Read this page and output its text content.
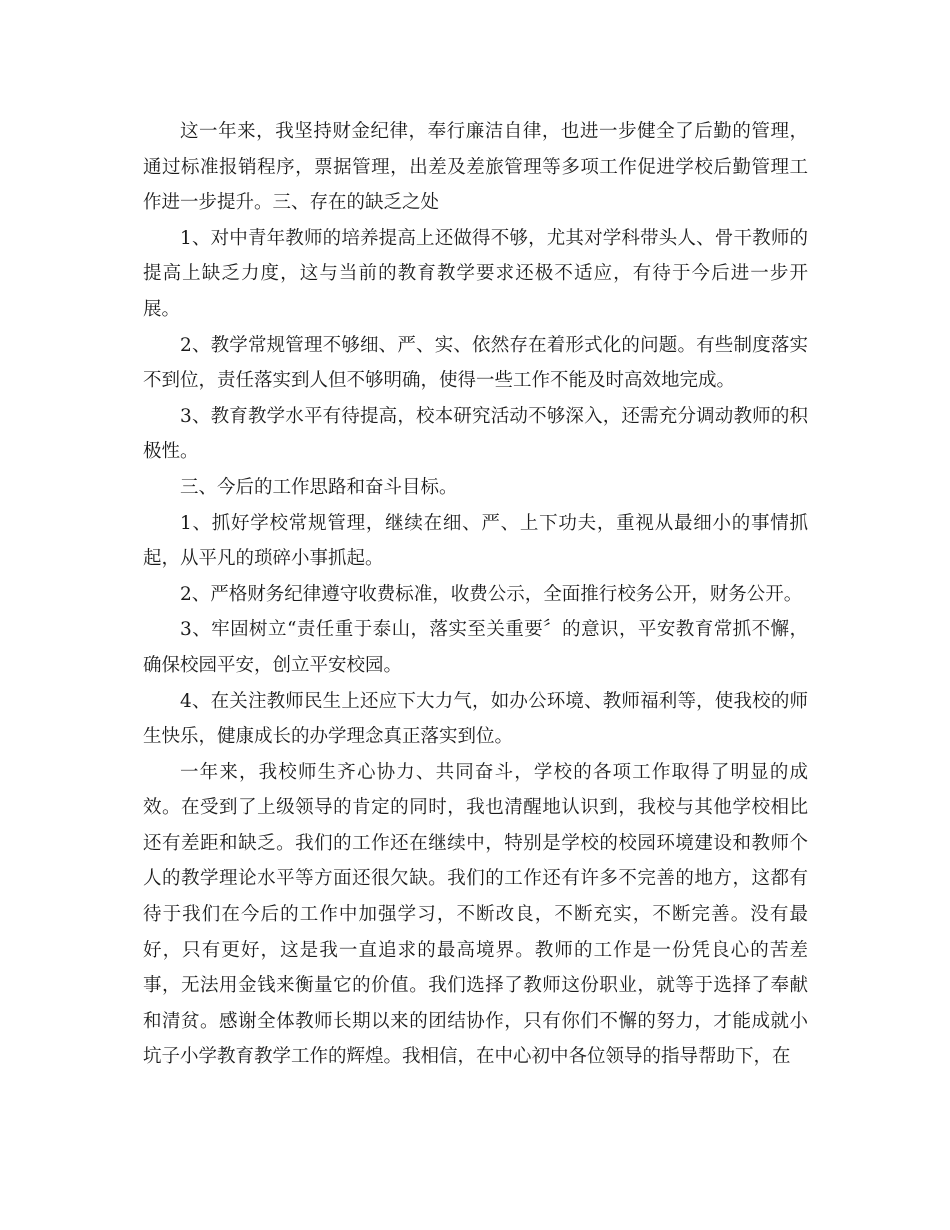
这一年来，我坚持财金纪律，奉行廉洁自律，也进一步健全了后勤的管理，通过标准报销程序，票据管理，出差及差旅管理等多项工作促进学校后勤管理工作进一步提升。三、存在的缺乏之处

1、对中青年教师的培养提高上还做得不够，尤其对学科带头人、骨干教师的提高上缺乏力度，这与当前的教育教学要求还极不适应，有待于今后进一步开展。

2、教学常规管理不够细、严、实、依然存在着形式化的问题。有些制度落实不到位，责任落实到人但不够明确，使得一些工作不能及时高效地完成。

3、教育教学水平有待提高，校本研究活动不够深入，还需充分调动教师的积极性。

三、今后的工作思路和奋斗目标。

1、抓好学校常规管理，继续在细、严、上下功夫，重视从最细小的事情抓起，从平凡的琐碎小事抓起。

2、严格财务纪律遵守收费标准，收费公示，全面推行校务公开，财务公开。

3、牢固树立“责任重于泰山，落实至关重要〞的意识，平安教育常抓不懈，确保校园平安，创立平安校园。

4、在关注教师民生上还应下大力气，如办公环境、教师福利等，使我校的师生快乐，健康成长的办学理念真正落实到位。

一年来，我校师生齐心协力、共同奋斗，学校的各项工作取得了明显的成效。在受到了上级领导的肯定的同时，我也清醒地认识到，我校与其他学校相比还有差距和缺乏。我们的工作还在继续中，特别是学校的校园环境建设和教师个人的教学理论水平等方面还很欠缺。我们的工作还有许多不完善的地方，这都有待于我们在今后的工作中加强学习，不断改良，不断充实，不断完善。没有最好，只有更好，这是我一直追求的最高境界。教师的工作是一份凭良心的苦差事，无法用金钱来衡量它的价值。我们选择了教师这份职业，就等于选择了奉献和清贫。感谢全体教师长期以来的团结协作，只有你们不懈的努力，才能成就小坑子小学教育教学工作的辉煌。我相信，在中心初中各位领导的指导帮助下，在
